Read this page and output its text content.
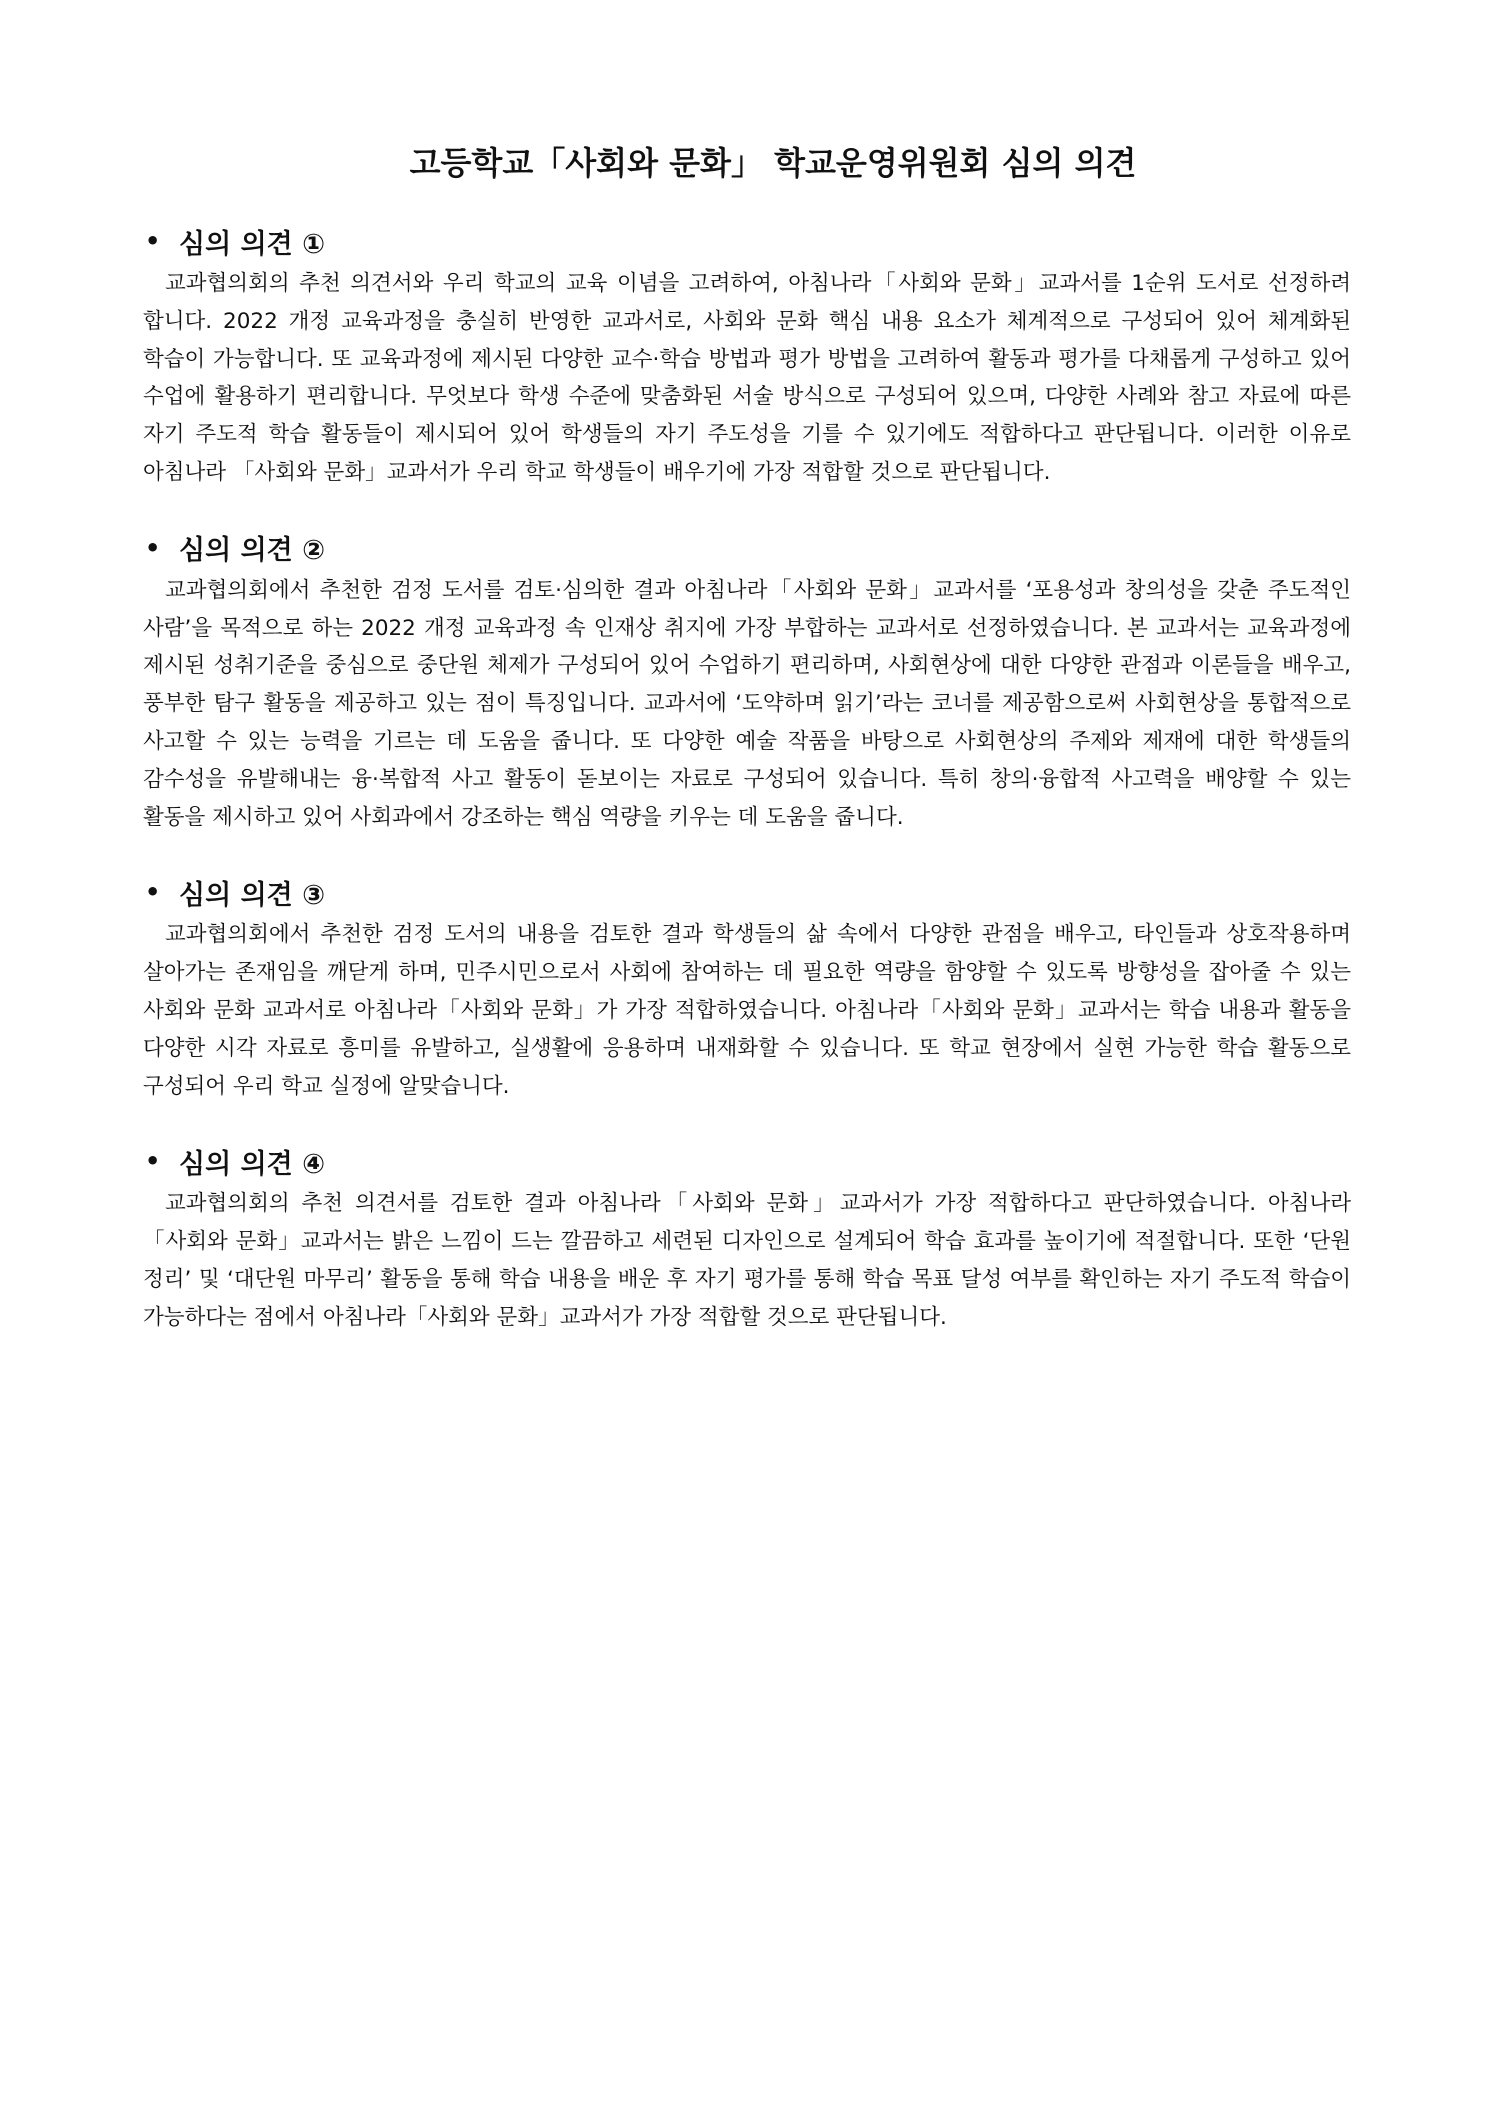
고등학교「사회와 문화」 학교운영위원회 심의 의견
• 심의 의견 ①

교과협의회의 추천 의견서와 우리 학교의 교육 이념을 고려하여, 아침나라「사회와 문화」교과서를 1순위 도서로 선정하려 합니다. 2022 개정 교육과정을 충실히 반영한 교과서로, 사회와 문화 핵심 내용 요소가 체계적으로 구성되어 있어 체계화된 학습이 가능합니다. 또 교육과정에 제시된 다양한 교수·학습 방법과 평가 방법을 고려하여 활동과 평가를 다채롭게 구성하고 있어 수업에 활용하기 편리합니다. 무엇보다 학생 수준에 맞춤화된 서술 방식으로 구성되어 있으며, 다양한 사례와 참고 자료에 따른 자기 주도적 학습 활동들이 제시되어 있어 학생들의 자기 주도성을 기를 수 있기에도 적합하다고 판단됩니다. 이러한 이유로 아침나라 「사회와 문화」교과서가 우리 학교 학생들이 배우기에 가장 적합할 것으로 판단됩니다.

• 심의 의견 ②

교과협의회에서 추천한 검정 도서를 검토·심의한 결과 아침나라「사회와 문화」교과서를 ‘포용성과 창의성을 갖춘 주도적인 사람’을 목적으로 하는 2022 개정 교육과정 속 인재상 취지에 가장 부합하는 교과서로 선정하였습니다. 본 교과서는 교육과정에 제시된 성취기준을 중심으로 중단원 체제가 구성되어 있어 수업하기 편리하며, 사회현상에 대한 다양한 관점과 이론들을 배우고, 풍부한 탐구 활동을 제공하고 있는 점이 특징입니다. 교과서에 ‘도약하며 읽기’라는 코너를 제공함으로써 사회현상을 통합적으로 사고할 수 있는 능력을 기르는 데 도움을 줍니다. 또 다양한 예술 작품을 바탕으로 사회현상의 주제와 제재에 대한 학생들의 감수성을 유발해내는 융·복합적 사고 활동이 돋보이는 자료로 구성되어 있습니다. 특히 창의·융합적 사고력을 배양할 수 있는 활동을 제시하고 있어 사회과에서 강조하는 핵심 역량을 키우는 데 도움을 줍니다.

• 심의 의견 ③

교과협의회에서 추천한 검정 도서의 내용을 검토한 결과 학생들의 삶 속에서 다양한 관점을 배우고, 타인들과 상호작용하며 살아가는 존재임을 깨닫게 하며, 민주시민으로서 사회에 참여하는 데 필요한 역량을 함양할 수 있도록 방향성을 잡아줄 수 있는 사회와 문화 교과서로 아침나라「사회와 문화」가 가장 적합하였습니다. 아침나라「사회와 문화」교과서는 학습 내용과 활동을 다양한 시각 자료로 흥미를 유발하고, 실생활에 응용하며 내재화할 수 있습니다. 또 학교 현장에서 실현 가능한 학습 활동으로 구성되어 우리 학교 실정에 알맞습니다.

• 심의 의견 ④

교과협의회의 추천 의견서를 검토한 결과 아침나라「사회와 문화」교과서가 가장 적합하다고 판단하였습니다. 아침나라「사회와 문화」교과서는 밝은 느낌이 드는 깔끔하고 세련된 디자인으로 설계되어 학습 효과를 높이기에 적절합니다. 또한 ‘단원 정리’ 및 ‘대단원 마무리’ 활동을 통해 학습 내용을 배운 후 자기 평가를 통해 학습 목표 달성 여부를 확인하는 자기 주도적 학습이 가능하다는 점에서 아침나라「사회와 문화」교과서가 가장 적합할 것으로 판단됩니다.
